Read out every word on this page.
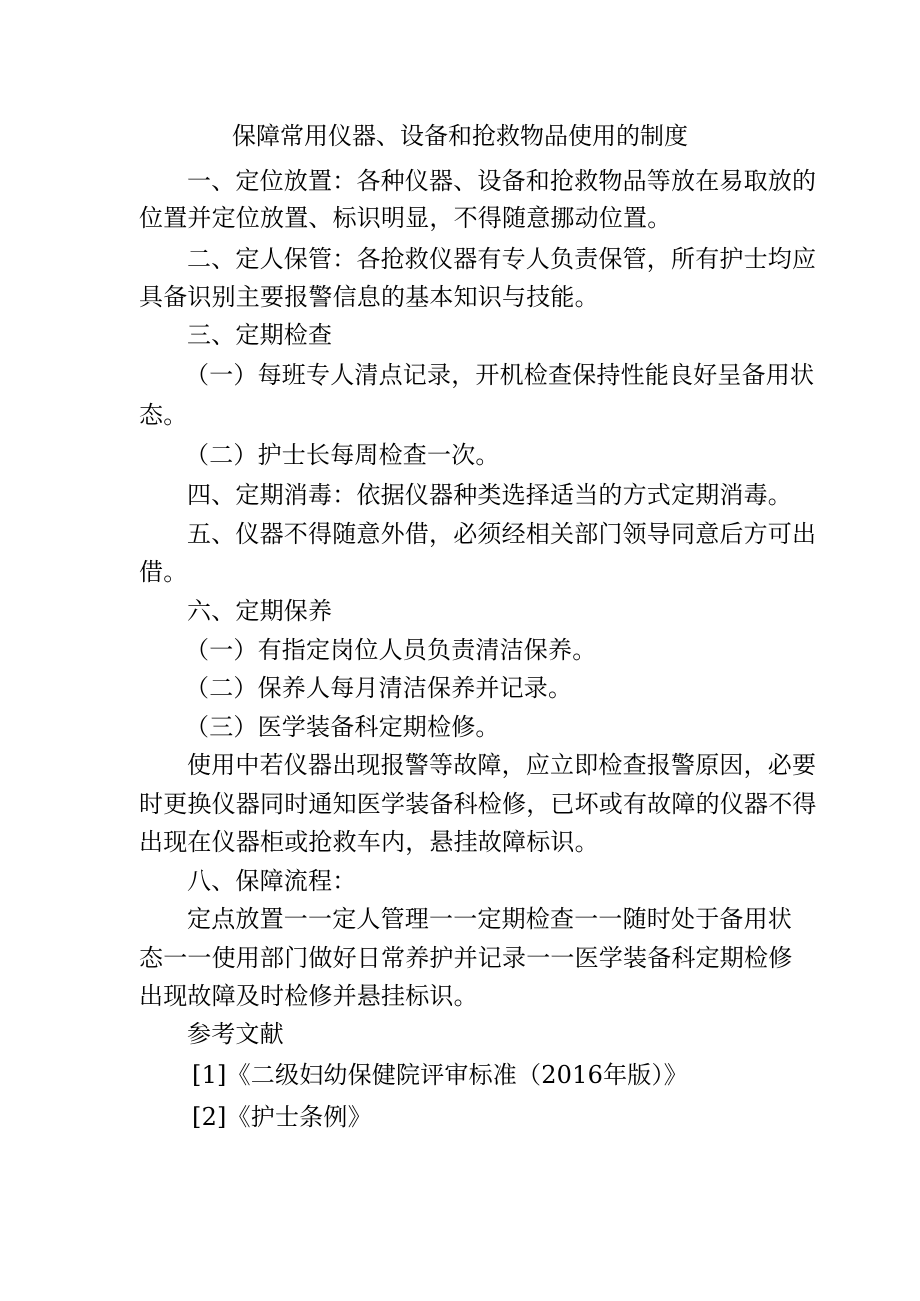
保障常用仪器、设备和抢救物品使用的制度
一、定位放置：各种仪器、设备和抢救物品等放在易取放的
位置并定位放置、标识明显，不得随意挪动位置。
二、定人保管：各抢救仪器有专人负责保管，所有护士均应
具备识别主要报警信息的基本知识与技能。
三、定期检查
（一）每班专人清点记录，开机检查保持性能良好呈备用状
态。
（二）护士长每周检查一次。
四、定期消毒：依据仪器种类选择适当的方式定期消毒。
五、仪器不得随意外借，必须经相关部门领导同意后方可出
借。
六、定期保养
（一）有指定岗位人员负责清洁保养。
（二）保养人每月清洁保养并记录。
（三）医学装备科定期检修。
使用中若仪器出现报警等故障，应立即检查报警原因，必要
时更换仪器同时通知医学装备科检修，已坏或有故障的仪器不得
出现在仪器柜或抢救车内，悬挂故障标识。
八、保障流程：
定点放置一一定人管理一一定期检查一一随时处于备用状
态一一使用部门做好日常养护并记录一一医学装备科定期检修
出现故障及时检修并悬挂标识。
参考文献
[1]《二级妇幼保健院评审标准（2016年版）》
[2]《护士条例》
